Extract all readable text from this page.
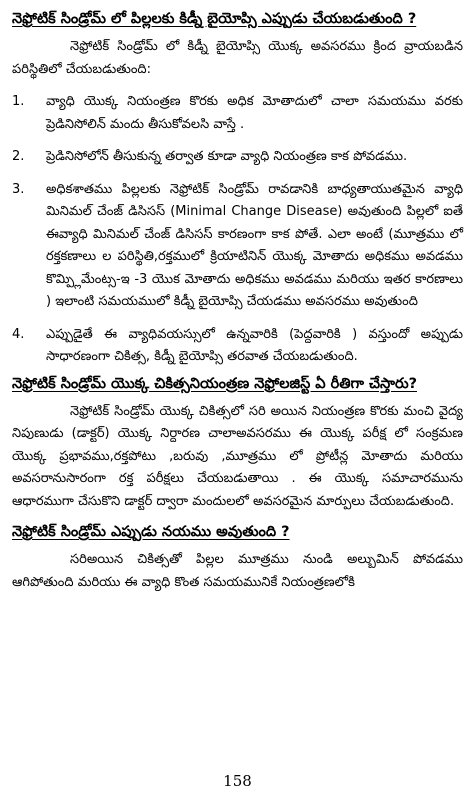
నెఫ్రోటిక్ సిండ్రోమ్ లో పిల్లలకు కిడ్నీ బైయోప్సి ఎప్పుడు చేయబడుతుంది ?

నెఫ్రోటిక్ సిండ్రోమ్ లో కిడ్నీ బైయోప్సి యొక్క అవసరము క్రింద వ్రాయబడిన పరిస్థితిలో చేయబడుతుంది:

1.	వ్యాధి యొక్క నియంత్రణ కొరకు అధిక మోతాదులో చాలా సమయము వరకు ప్రెడినిసోలిన్ మందు తీసుకోవలసి వాస్తే .
2.	ప్రెడినిసోలోన్ తీసుకున్న తర్వాత కూడా వ్యాధి నియంత్రణ కాక పోవడము.
3.	అధికశాతము పిల్లలకు నెఫ్రోటిక్ సిండ్రోమ్ రావడానికి బాధ్యతాయుతమైన వ్యాధి మినిమల్ చేంజ్ డిసిసస్ (Minimal Change Disease) అవుతుంది పిల్లలో ఐతే ఈవ్యాధి మినిమల్ చేంజ్ డిసిసస్ కారణంగా కాక పోతే. ఎలా అంటే (మూత్రము లో రక్తకణాలు ల పరిస్థితి,రక్తములో క్రియాటినిన్ యొక్క మోతాదు అధికము అవడము కొమ్ప్లిమేంట్స-ఇ -3 యొక మోతాదు అధికము అవడము మరియు ఇతర కారణాలు ) ఇలాంటి సమయములో కిడ్నీ బైయోప్సి చేయడము అవసరము అవుతుంది
4.	ఎప్పుడైతే ఈ వ్యాధివయస్సులో ఉన్నవారికి (పెద్దవారికి ) వస్తుందో అప్పుడు సాధారణంగా చికిత్స, కిడ్నీ బైయోప్సి తరవాత చేయబడుతుంది.
నెఫ్రోటిక్ సిండ్రోమ్ యొక్క చికిత్సనియంత్రణ నెఫ్రోలజిస్ట్ ఏ రీతిగా చేస్తారు?

నెఫ్రోటిక్ సిండ్రోమ్ యొక్క చికిత్సలో సరి అయిన నియంత్రణ కొరకు మంచి వైద్య నిపుణుడు (డాక్టర్) యొక్క నిర్దారణ చాలాఅవసరము ఈ యొక్క పరీక్ష లో సంక్రమణ యొక్క ప్రభావము,రక్తపోటు ,బరువు ,మూత్రము లో ప్రోటీన్ల మోతాదు మరియు అవసరానుసారంగా రక్త పరీక్షలు చేయబడుతాయి . ఈ యొక్క సమాచారమును ఆధారముగా చేసుకొని డాక్టర్ ద్వారా మందులలో అవసరమైన మార్పులు చేయబడుతుంది.

నెఫ్రోటిక్ సిండ్రోమ్ ఎప్పుడు నయము అవుతుంది ?

సరిఅయిన చికిత్సతో పిల్లల మూత్రము నుండి అల్బుమిన్ పోవడము ఆగిపోతుంది మరియు ఈ వ్యాధి కొంత సమయమునికే నియంత్రణలోకి

158
